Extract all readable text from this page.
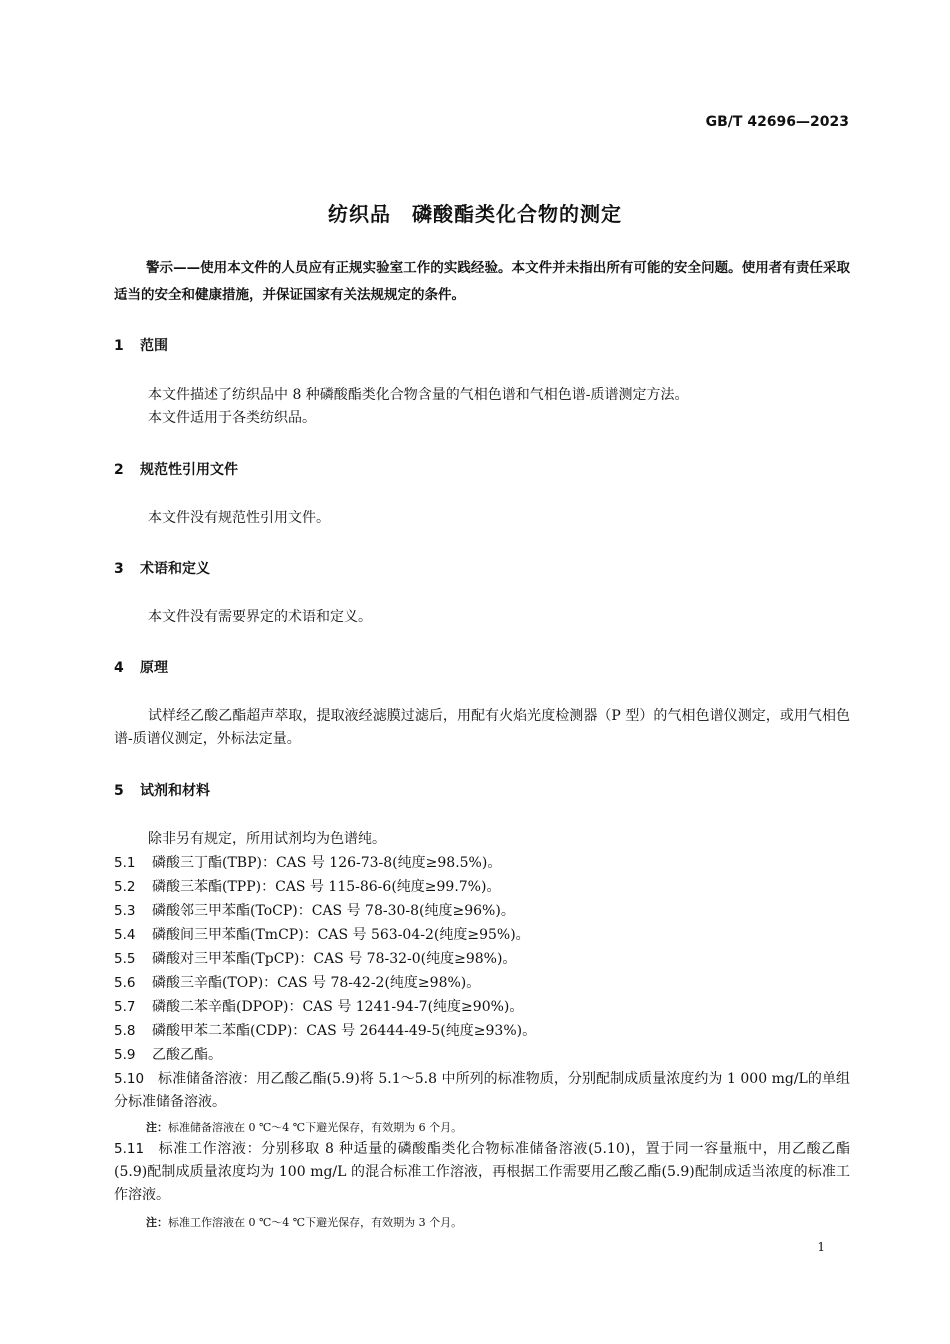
GB/T 42696—2023
纺织品　磷酸酯类化合物的测定
警示——使用本文件的人员应有正规实验室工作的实践经验。本文件并未指出所有可能的安全问题。使用者有责任采取适当的安全和健康措施，并保证国家有关法规规定的条件。
1 范围
本文件描述了纺织品中 8 种磷酸酯类化合物含量的气相色谱和气相色谱-质谱测定方法。
本文件适用于各类纺织品。
2 规范性引用文件
本文件没有规范性引用文件。
3 术语和定义
本文件没有需要界定的术语和定义。
4 原理
试样经乙酸乙酯超声萃取，提取液经滤膜过滤后，用配有火焰光度检测器（P 型）的气相色谱仪测定，或用气相色谱-质谱仪测定，外标法定量。
5 试剂和材料
除非另有规定，所用试剂均为色谱纯。
5.1 磷酸三丁酯(TBP)：CAS 号 126-73-8(纯度≥98.5%)。
5.2 磷酸三苯酯(TPP)：CAS 号 115-86-6(纯度≥99.7%)。
5.3 磷酸邻三甲苯酯(ToCP)：CAS 号 78-30-8(纯度≥96%)。
5.4 磷酸间三甲苯酯(TmCP)：CAS 号 563-04-2(纯度≥95%)。
5.5 磷酸对三甲苯酯(TpCP)：CAS 号 78-32-0(纯度≥98%)。
5.6 磷酸三辛酯(TOP)：CAS 号 78-42-2(纯度≥98%)。
5.7 磷酸二苯辛酯(DPOP)：CAS 号 1241-94-7(纯度≥90%)。
5.8 磷酸甲苯二苯酯(CDP)：CAS 号 26444-49-5(纯度≥93%)。
5.9 乙酸乙酯。
5.10 标准储备溶液：用乙酸乙酯(5.9)将 5.1～5.8 中所列的标准物质，分别配制成质量浓度约为 1 000 mg/L的单组分标准储备溶液。
注：标准储备溶液在 0 ℃～4 ℃下避光保存，有效期为 6 个月。
5.11 标准工作溶液：分别移取 8 种适量的磷酸酯类化合物标准储备溶液(5.10)，置于同一容量瓶中，用乙酸乙酯(5.9)配制成质量浓度均为 100 mg/L 的混合标准工作溶液，再根据工作需要用乙酸乙酯(5.9)配制成适当浓度的标准工作溶液。
注：标准工作溶液在 0 ℃～4 ℃下避光保存，有效期为 3 个月。
1
